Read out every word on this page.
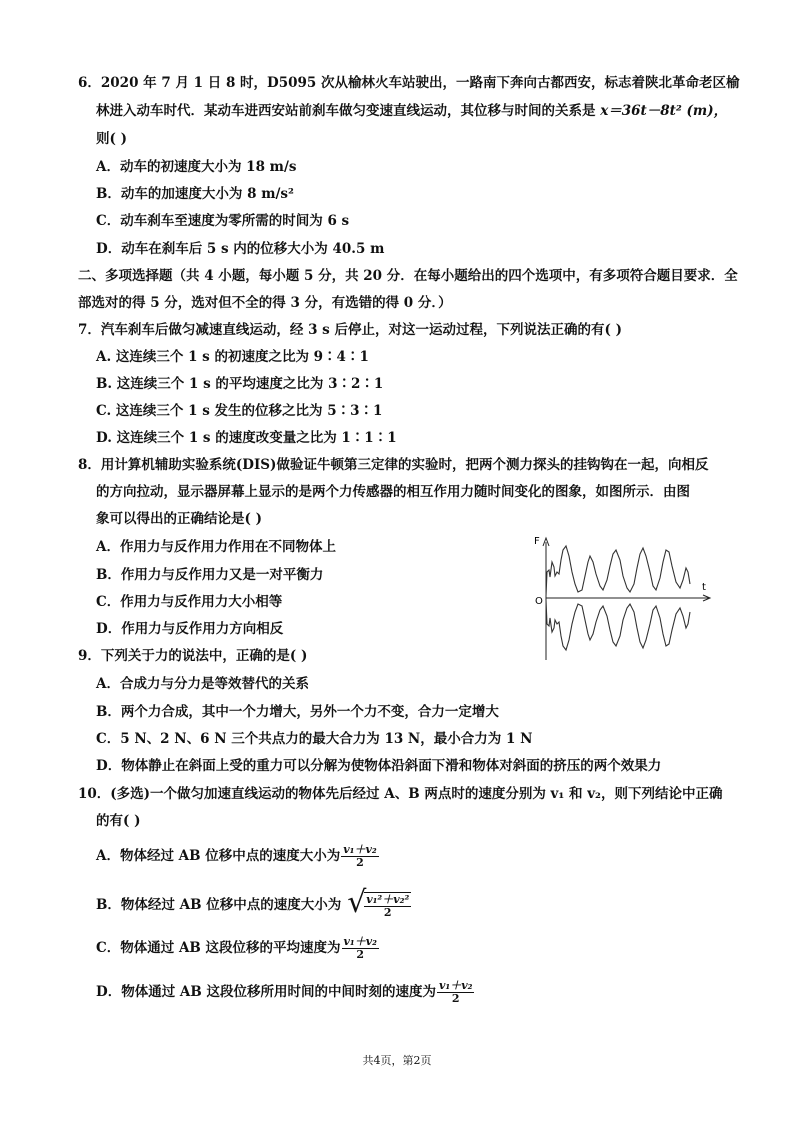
6．2020 年 7 月 1 日 8 时，D5095 次从榆林火车站驶出，一路南下奔向古都西安，标志着陕北革命老区榆
林进入动车时代．某动车进西安站前刹车做匀变速直线运动，其位移与时间的关系是 x＝36t－8t² (m)，
则( )
A．动车的初速度大小为 18 m/s
B．动车的加速度大小为 8 m/s²
C．动车刹车至速度为零所需的时间为 6 s
D．动车在刹车后 5 s 内的位移大小为 40.5 m
二、多项选择题（共 4 小题，每小题 5 分，共 20 分．在每小题给出的四个选项中，有多项符合题目要求．全
部选对的得 5 分，选对但不全的得 3 分，有选错的得 0 分．）
7．汽车刹车后做匀减速直线运动，经 3 s 后停止，对这一运动过程，下列说法正确的有( )
A. 这连续三个 1 s 的初速度之比为 9∶4∶1
B. 这连续三个 1 s 的平均速度之比为 3∶2∶1
C. 这连续三个 1 s 发生的位移之比为 5∶3∶1
D. 这连续三个 1 s 的速度改变量之比为 1∶1∶1
8．用计算机辅助实验系统(DIS)做验证牛顿第三定律的实验时，把两个测力探头的挂钩钩在一起，向相反
的方向拉动，显示器屏幕上显示的是两个力传感器的相互作用力随时间变化的图象，如图所示．由图
象可以得出的正确结论是( )
A．作用力与反作用力作用在不同物体上
B．作用力与反作用力又是一对平衡力
C．作用力与反作用力大小相等
D．作用力与反作用力方向相反
F
t
O
9．下列关于力的说法中，正确的是( )
A．合成力与分力是等效替代的关系
B．两个力合成，其中一个力增大，另外一个力不变，合力一定增大
C．5 N、2 N、6 N 三个共点力的最大合力为 13 N，最小合力为 1 N
D．物体静止在斜面上受的重力可以分解为使物体沿斜面下滑和物体对斜面的挤压的两个效果力
10．(多选)一个做匀加速直线运动的物体先后经过 A、B 两点时的速度分别为 v₁ 和 v₂，则下列结论中正确
的有( )
A．物体经过 AB 位移中点的速度大小为 $\frac{\text{v₁＋v₂}}{2}$
B．物体经过 AB 位移中点的速度大小为 √
$\frac{\text{v₁²＋v₂²}}{2}$
C．物体通过 AB 这段位移的平均速度为 $\frac{\text{v₁＋v₂}}{2}$
D．物体通过 AB 这段位移所用时间的中间时刻的速度为 $\frac{\text{v₁＋v₂}}{2}$
共4页，第2页
